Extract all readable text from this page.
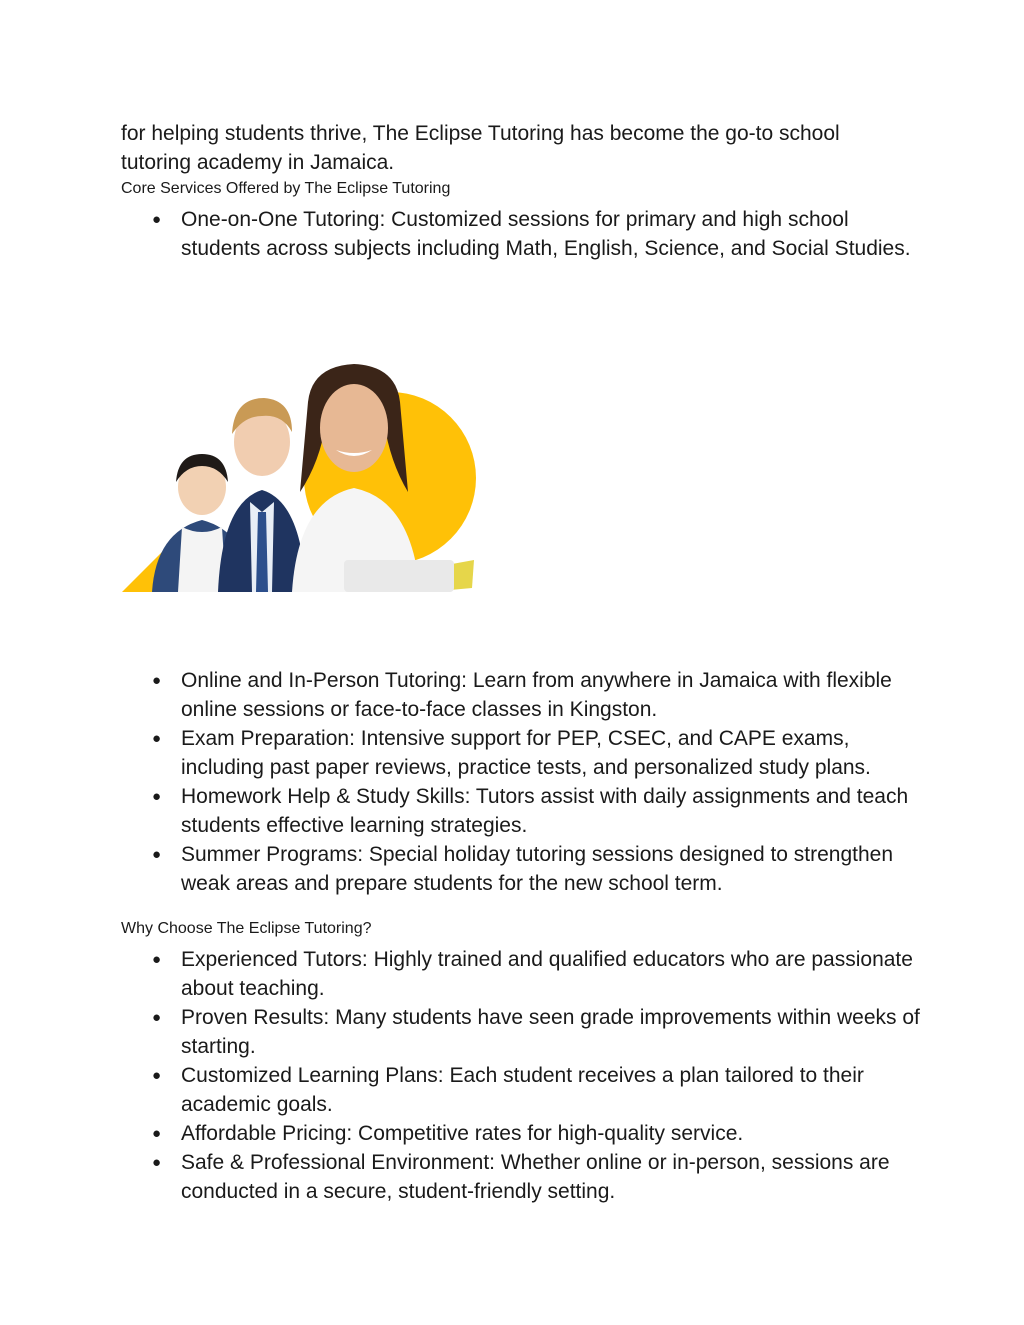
for helping students thrive, The Eclipse Tutoring has become the go-to school
tutoring academy in Jamaica.

Core Services Offered by The Eclipse Tutoring

● One-on-One Tutoring: Customized sessions for primary and high school students across subjects including Math, English, Science, and Social Studies.
● Online and In-Person Tutoring: Learn from anywhere in Jamaica with flexible online sessions or face-to-face classes in Kingston.
● Exam Preparation: Intensive support for PEP, CSEC, and CAPE exams, including past paper reviews, practice tests, and personalized study plans.
● Homework Help & Study Skills: Tutors assist with daily assignments and teach students effective learning strategies.
● Summer Programs: Special holiday tutoring sessions designed to strengthen weak areas and prepare students for the new school term.

Why Choose The Eclipse Tutoring?

● Experienced Tutors: Highly trained and qualified educators who are passionate about teaching.
● Proven Results: Many students have seen grade improvements within weeks of starting.
● Customized Learning Plans: Each student receives a plan tailored to their academic goals.
● Affordable Pricing: Competitive rates for high-quality service.
● Safe & Professional Environment: Whether online or in-person, sessions are conducted in a secure, student-friendly setting.
